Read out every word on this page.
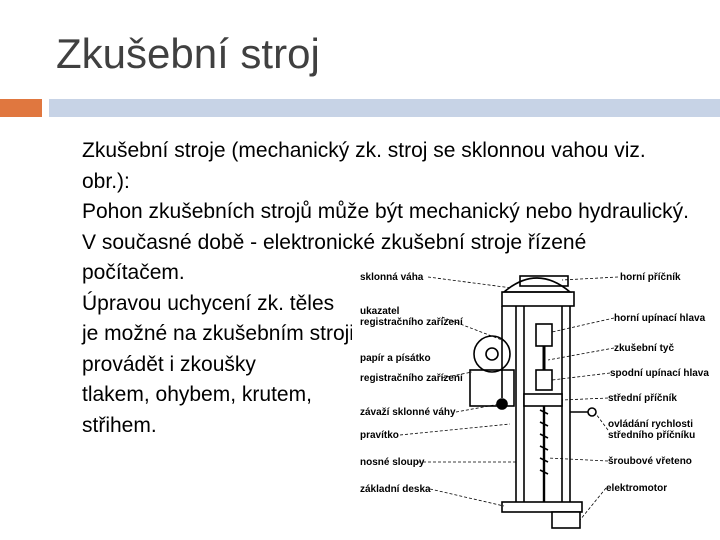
Zkušební stroj

Zkušební stroje (mechanický zk. stroj se sklonnou vahou viz. obr.):

Pohon zkušebních strojů může být mechanický nebo hydraulický. V současné době - elektronické zkušební stroje řízené počítačem.

Úpravou uchycení zk. těles

je možné na zkušebním stroji

provádět i zkoušky

tlakem, ohybem, krutem,

střihem.

sklonná váha
ukazatel
registračního zařízení
papír a písátko
registračního zařízení
závaží sklonné váhy
pravítko
nosné sloupy
základní deska
horní příčník
horní upínací hlava
zkušební tyč
spodní upínací hlava
střední příčník
ovládání rychlosti
středního příčníku
šroubové vřeteno
elektromotor
